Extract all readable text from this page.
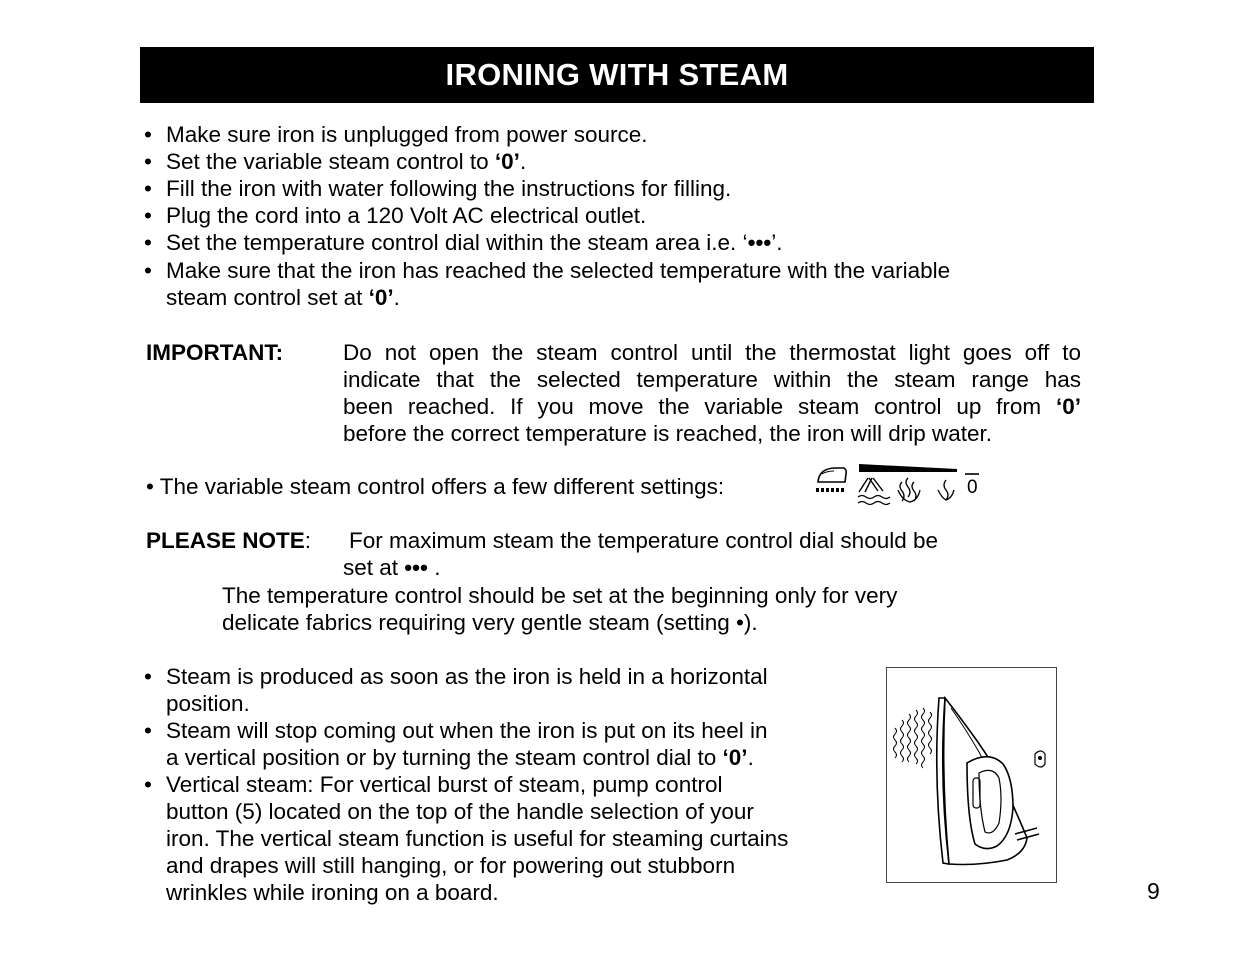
IRONING WITH STEAM
• Make sure iron is unplugged from power source.
• Set the variable steam control to ‘0’.
• Fill the iron with water following the instructions for filling.
• Plug the cord into a 120 Volt AC electrical outlet.
• Set the temperature control dial within the steam area i.e. ‘•••’.
• Make sure that the iron has reached the selected temperature with the variable
steam control set at ‘0’.
IMPORTANT:	Do not open the steam control until the thermostat light goes off to
indicate that the selected temperature within the steam range has
been reached. If you move the variable steam control up from ‘0’
before the correct temperature is reached, the iron will drip water.
• The variable steam control offers a few different settings:	0
PLEASE NOTE: For maximum steam the temperature control dial should be
set at ••• .
The temperature control should be set at the beginning only for very
delicate fabrics requiring very gentle steam (setting •).
• Steam is produced as soon as the iron is held in a horizontal
position.
• Steam will stop coming out when the iron is put on its heel in
a vertical position or by turning the steam control dial to ‘0’.
• Vertical steam: For vertical burst of steam, pump control
button (5) located on the top of the handle selection of your
iron. The vertical steam function is useful for steaming curtains
and drapes will still hanging, or for powering out stubborn
wrinkles while ironing on a board.	9
